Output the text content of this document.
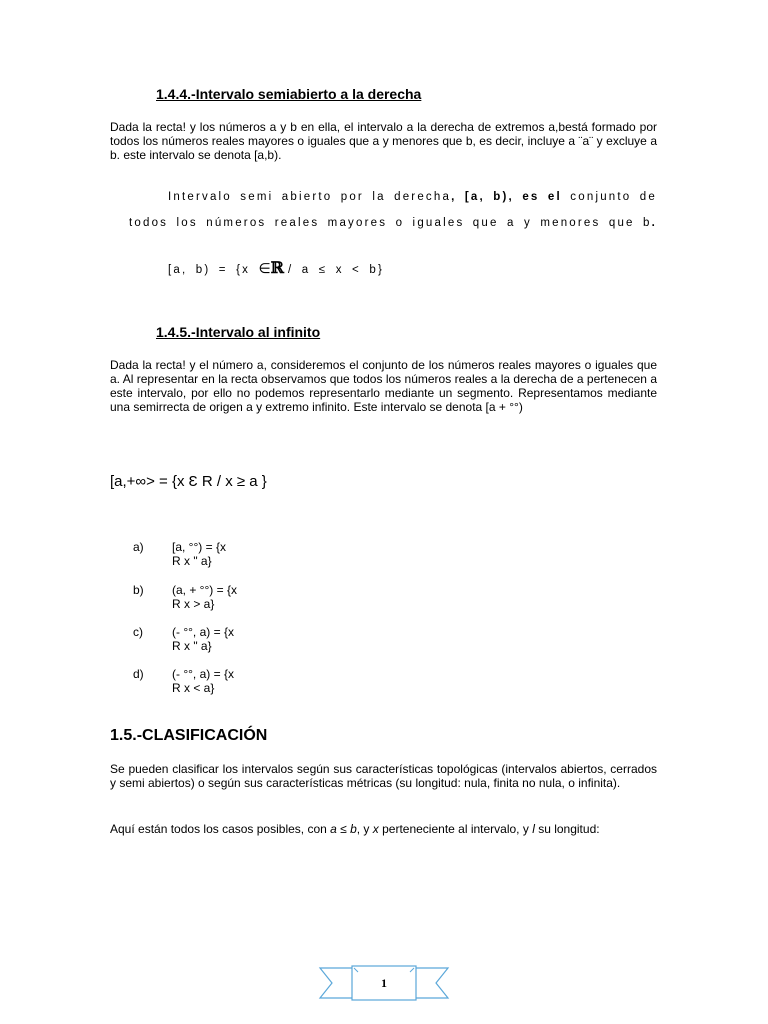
1.4.4.-Intervalo semiabierto a la derecha
Dada la recta! y los números a y b en ella, el intervalo a la derecha de extremos a,bestá formado por todos los números reales mayores o iguales que a y menores que b, es decir, incluye a ¨a¨ y excluye a b. este intervalo se denota [a,b).
Intervalo semi abierto por la derecha, [a, b), es el conjunto de
todos los números reales mayores o iguales que a y menores que b.
[a, b) = {x ∈ℝ / a ≤ x < b}
1.4.5.-Intervalo al infinito
Dada la recta! y el número a, consideremos el conjunto de los números reales mayores o iguales que a. Al representar en la recta observamos que todos los números reales a la derecha de a pertenecen a este intervalo, por ello no podemos representarlo mediante un segmento. Representamos mediante una semirrecta de origen a y extremo infinito. Este intervalo se denota [a + °°)
[a,+∞> = {x Ɛ R / x ≥ a }
a) [a, °°) = {x
R x " a}
b) (a, + °°) = {x
R x > a}
c) (- °°, a) = {x
R x " a}
d) (- °°, a) = {x
R x < a}
1.5.-CLASIFICACIÓN
Se pueden clasificar los intervalos según sus características topológicas (intervalos abiertos, cerrados y semi abiertos) o según sus características métricas (su longitud: nula, finita no nula, o infinita).
Aquí están todos los casos posibles, con a ≤ b, y x perteneciente al intervalo, y l su longitud:
1
